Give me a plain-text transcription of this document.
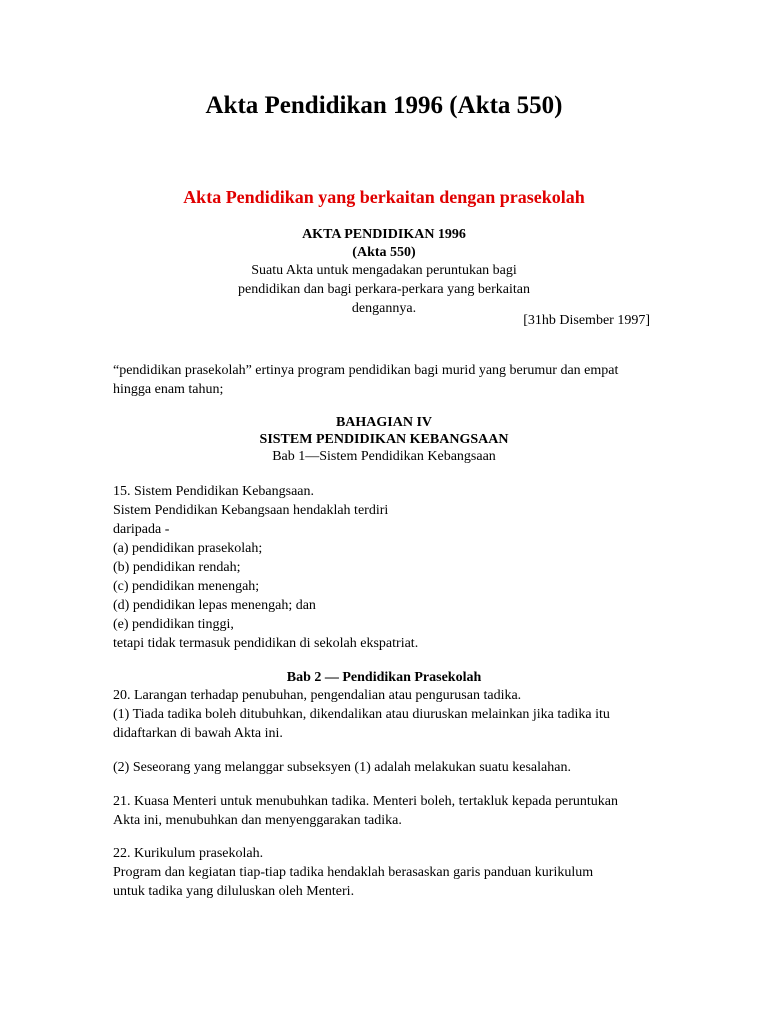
Akta Pendidikan 1996 (Akta 550)
Akta Pendidikan yang berkaitan dengan prasekolah
AKTA PENDIDIKAN 1996
(Akta 550)
Suatu Akta untuk mengadakan peruntukan bagi
pendidikan dan bagi perkara-perkara yang berkaitan
dengannya.
[31hb Disember 1997]
“pendidikan prasekolah” ertinya program pendidikan bagi murid yang berumur dan empat
hingga enam tahun;
BAHAGIAN IV
SISTEM PENDIDIKAN KEBANGSAAN
Bab 1—Sistem Pendidikan Kebangsaan
15. Sistem Pendidikan Kebangsaan.
Sistem Pendidikan Kebangsaan hendaklah terdiri
daripada -
(a) pendidikan prasekolah;
(b) pendidikan rendah;
(c) pendidikan menengah;
(d) pendidikan lepas menengah; dan
(e) pendidikan tinggi,
tetapi tidak termasuk pendidikan di sekolah ekspatriat.
Bab 2 — Pendidikan Prasekolah
20. Larangan terhadap penubuhan, pengendalian atau pengurusan tadika.
(1) Tiada tadika boleh ditubuhkan, dikendalikan atau diuruskan melainkan jika tadika itu
didaftarkan di bawah Akta ini.
(2) Seseorang yang melanggar subseksyen (1) adalah melakukan suatu kesalahan.
21. Kuasa Menteri untuk menubuhkan tadika. Menteri boleh, tertakluk kepada peruntukan
Akta ini, menubuhkan dan menyenggarakan tadika.
22. Kurikulum prasekolah.
Program dan kegiatan tiap-tiap tadika hendaklah berasaskan garis panduan kurikulum
untuk tadika yang diluluskan oleh Menteri.
